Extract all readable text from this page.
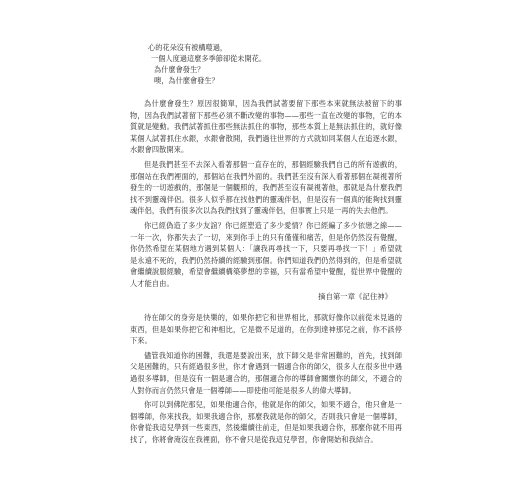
心的花朵沒有被構噬過，

一個人度過這麼多季節卻從未開花。

為什麼會發生？

噢，為什麼會發生？

為什麼會發生？原因很簡單，因為我們試著要留下那些本來就無法被留下的事物，因為我們試著留下那些必須不斷改變的事物——那些一直在改變的事物，它的本質就是變動。我們試著抓住那些無法抓住的事物，那些本質上是無法抓住的，就好像某個人試著抓住水銀，水銀會散開，我們過往世界的方式就如同某個人在追逐水銀，水銀會四散開來。

但是我們甚至不去深入看著那個一直存在的，那個經驗我們自己的所有遊戲的，那個站在我們裡面的，那個站在我們外面的。我們甚至沒有深入看著那個在凝視著所發生的一切遊戲的，那個是一個觀照的，我們甚至沒有凝視著他，那就是為什麼我們找不到靈魂伴侶。很多人似乎都在找他們的靈魂伴侶，但是沒有一個真的能夠找到靈魂伴侶，我們有很多次以為我們找到了靈魂伴侶，但事實上只是一再的失去他們。

你已經偽造了多少友誼？你已經塑造了多少愛情？你已經編了多少依戀之線——一年一次，你都失去了一切，來到你手上的只有僅僅和痛苦，但是你仍然沒有覺醒，你仍然希望在某個地方遇到某個人：「讓我再尋找一下，只要再尋找一下！」希望就是永遠不死的，我們仍然持續的經驗到那個。你們知道我們仍然得到的，但是希望就會繼續說服經驗，希望會繼續構築夢想的幸福，只有當希望中覺醒，從世界中覺醒的人才能自由。

摘自第一章《記住神》

待在師父的身旁是快樂的，如果你把它和世界相比，那就好像你以前從未見過的東西，但是如果你把它和神相比，它是微不足道的，在你到達神那兒之前，你不該停下來。

儘管我知道你的困難，我還是要說出來，放下師父是非常困難的，首先，找到師父是困難的，只有經過很多世，你才會遇到一個適合你的師父，很多人在很多世中遇過很多導師，但是沒有一個是適合的，那個適合你的導師會關懷你的師父，不適合的人對你而言仍然只會是一個導師——即使他可能是很多人的偉大導師。

你可以到佛陀那兒，如果他適合你，他就是你的師父，如果不適合，他只會是一個導師，你來找我，如果我適合你，那麼我就是你的師父，否則我只會是一個導師，你會從我這兒學到一些東西，然後繼續往前走，但是如果我適合你，那麼你就不用再找了，你將會淹沒在我裡面，你不會只是從我這兒學習，你會開始和我結合。
